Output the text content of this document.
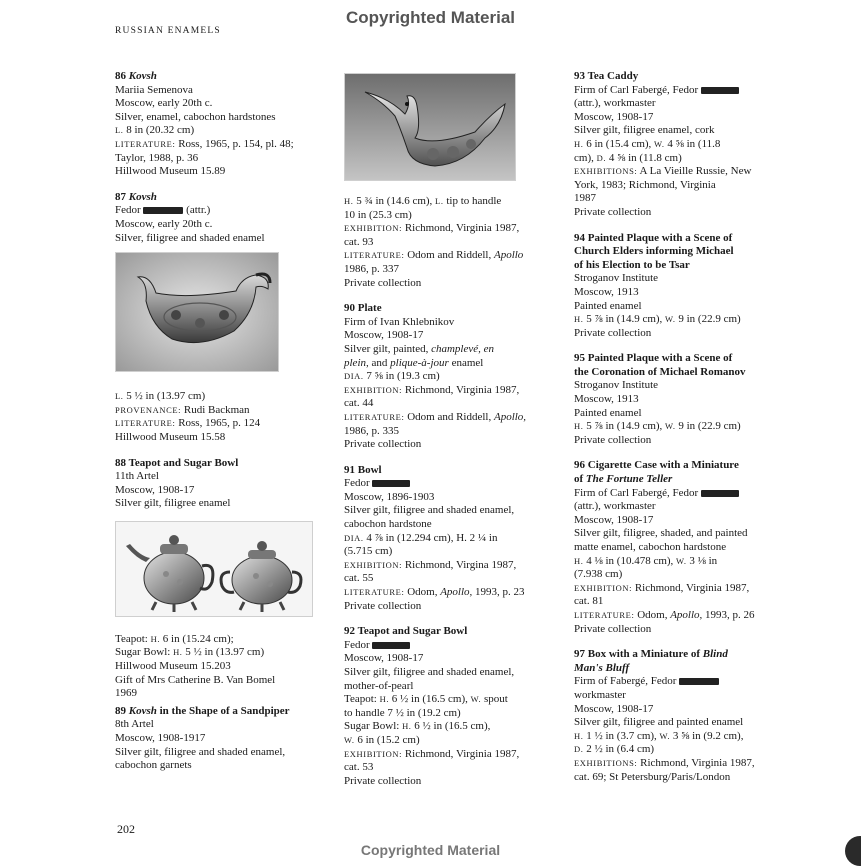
Copyrighted Material
RUSSIAN ENAMELS
86 Kovsh
Mariia Semenova
Moscow, early 20th c.
Silver, enamel, cabochon hardstones
L. 8 in (20.32 cm)
LITERATURE: Ross, 1965, p. 154, pl. 48;
Taylor, 1988, p. 36
Hillwood Museum 15.89
87 Kovsh
Fedor	(attr.)
Moscow, early 20th c.
Silver, filigree and shaded enamel
L. 5 ½ in (13.97 cm)
PROVENANCE: Rudi Backman
LITERATURE: Ross, 1965, p. 124
Hillwood Museum 15.58
88 Teapot and Sugar Bowl
11th Artel
Moscow, 1908-17
Silver gilt, filigree enamel
Teapot: H. 6 in (15.24 cm);
Sugar Bowl: H. 5 ½ in (13.97 cm)
Hillwood Museum 15.203
Gift of Mrs Catherine B. Van Bomel
1969
89 Kovsh in the Shape of a Sandpiper
8th Artel
Moscow, 1908-1917
Silver gilt, filigree and shaded enamel,
cabochon garnets
H. 5 ¾ in (14.6 cm), L. tip to handle
10 in (25.3 cm)
EXHIBITION: Richmond, Virginia 1987,
cat. 93
LITERATURE: Odom and Riddell, Apollo
1986, p. 337
Private collection
90 Plate
Firm of Ivan Khlebnikov
Moscow, 1908-17
Silver gilt, painted, champlevé, en
plein, and plique-à-jour enamel
DIA. 7 ⅝ in (19.3 cm)
EXHIBITION: Richmond, Virginia 1987,
cat. 44
LITERATURE: Odom and Riddell, Apollo,
1986, p. 335
Private collection
91 Bowl
Fedor
Moscow, 1896-1903
Silver gilt, filigree and shaded enamel,
cabochon hardstone
DIA. 4 ⅞ in (12.294 cm), H. 2 ¼ in
(5.715 cm)
EXHIBITION: Richmond, Virgina 1987,
cat. 55
LITERATURE: Odom, Apollo, 1993, p. 23
Private collection
92 Teapot and Sugar Bowl
Fedor
Moscow, 1908-17
Silver gilt, filigree and shaded enamel,
mother-of-pearl
Teapot: H. 6 ½ in (16.5 cm), W. spout
to handle 7 ½ in (19.2 cm)
Sugar Bowl: H. 6 ½ in (16.5 cm),
W. 6 in (15.2 cm)
EXHIBITION: Richmond, Virginia 1987,
cat. 53
Private collection
93 Tea Caddy
Firm of Carl Fabergé, Fedor
(attr.), workmaster
Moscow, 1908-17
Silver gilt, filigree enamel, cork
H. 6 in (15.4 cm), W. 4 ⅝ in (11.8
cm), D. 4 ⅝ in (11.8 cm)
EXHIBITIONS: A La Vieille Russie, New
York, 1983; Richmond, Virginia
1987
Private collection
94 Painted Plaque with a Scene of
Church Elders informing Michael
of his Election to be Tsar
Stroganov Institute
Moscow, 1913
Painted enamel
H. 5 ⅞ in (14.9 cm), W. 9 in (22.9 cm)
Private collection
95 Painted Plaque with a Scene of
the Coronation of Michael Romanov
Stroganov Institute
Moscow, 1913
Painted enamel
H. 5 ⅞ in (14.9 cm), W. 9 in (22.9 cm)
Private collection
96 Cigarette Case with a Miniature
of The Fortune Teller
Firm of Carl Fabergé, Fedor
(attr.), workmaster
Moscow, 1908-17
Silver gilt, filigree, shaded, and painted
matte enamel, cabochon hardstone
H. 4 ⅛ in (10.478 cm), W. 3 ⅛ in
(7.938 cm)
EXHIBITION: Richmond, Virginia 1987,
cat. 81
LITERATURE: Odom, Apollo, 1993, p. 26
Private collection
97 Box with a Miniature of Blind
Man's Bluff
Firm of Fabergé, Fedor
workmaster
Moscow, 1908-17
Silver gilt, filigree and painted enamel
H. 1 ½ in (3.7 cm), W. 3 ⅝ in (9.2 cm),
D. 2 ½ in (6.4 cm)
EXHIBITIONS: Richmond, Virginia 1987,
cat. 69; St Petersburg/Paris/London
202
Copyrighted Material
